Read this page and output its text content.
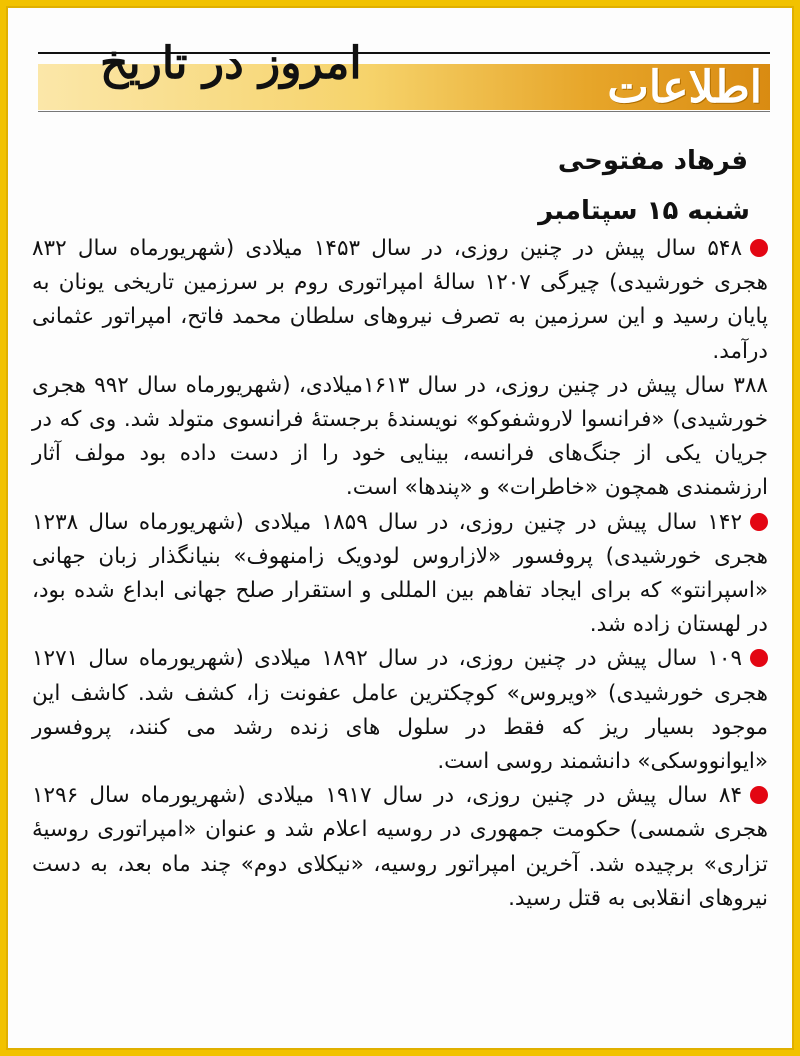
اطلاعات
امروز در تاریخ
فرهاد مفتوحی
شنبه ۱۵ سپتامبر

۵۴۸ سال پیش در چنین روزی، در سال ۱۴۵۳ میلادی (شهریورماه سال ۸۳۲ هجری خورشیدی) چیرگی ۱۲۰۷ سالهٔ امپراتوری روم بر سرزمین تاریخی یونان به پایان رسید و این سرزمین به تصرف نیروهای سلطان محمد فاتح، امپراتور عثمانی درآمد.

۳۸۸ سال پیش در چنین روزی، در سال ۱۶۱۳میلادی، (شهریورماه سال ۹۹۲ هجری خورشیدی) «فرانسوا لاروشفوکو» نویسندهٔ برجستهٔ فرانسوی متولد شد. وی که در جریان یکی از جنگ‌های فرانسه، بینایی خود را از دست داده بود مولف آثار ارزشمندی همچون «خاطرات» و «پندها» است.

۱۴۲ سال پیش در چنین روزی، در سال ۱۸۵۹ میلادی (شهریورماه سال ۱۲۳۸ هجری خورشیدی) پروفسور «لازاروس لودویک زامنهوف» بنیانگذار زبان جهانی «اسپرانتو» که برای ایجاد تفاهم بین المللی و استقرار صلح جهانی ابداع شده بود، در لهستان زاده شد.

۱۰۹ سال پیش در چنین روزی، در سال ۱۸۹۲ میلادی (شهریورماه سال ۱۲۷۱ هجری خورشیدی) «ویروس» کوچکترین عامل عفونت زا، کشف شد. کاشف این موجود بسیار ریز که فقط در سلول های زنده رشد می کنند، پروفسور «ایوانووسکی» دانشمند روسی است.

۸۴ سال پیش در چنین روزی، در سال ۱۹۱۷ میلادی (شهریورماه سال ۱۲۹۶ هجری شمسی) حکومت جمهوری در روسیه اعلام شد و عنوان «امپراتوری روسیهٔ تزاری» برچیده شد. آخرین امپراتور روسیه، «نیکلای دوم» چند ماه بعد، به دست نیروهای انقلابی به قتل رسید.
